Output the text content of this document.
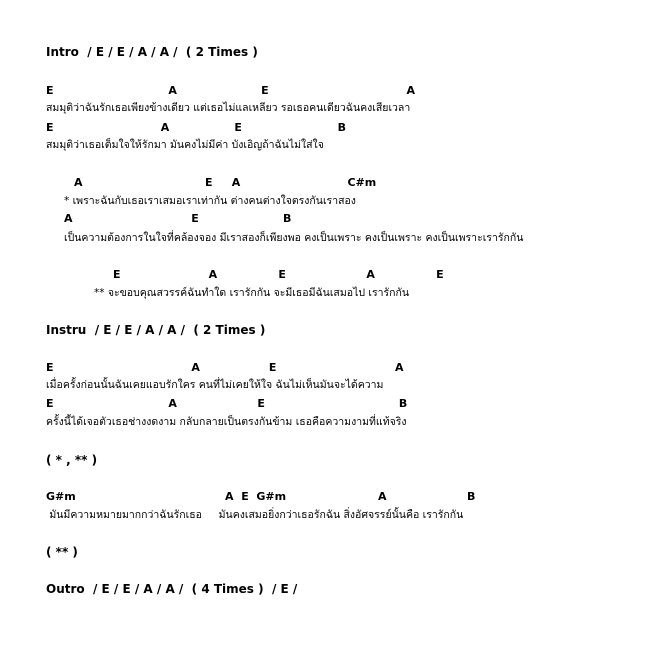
Intro  / E / E / A / A /  ( 2 Times )
E                              A                      E                                    A
สมมุติว่าฉันรักเธอเพียงข้างเดียว แต่เธอไม่แลเหลียว รอเธอคนเดียวฉันคงเสียเวลา
E                            A                 E                         B
สมมุติว่าเธอเต็มใจให้รักมา มันคงไม่มีค่า บังเอิญถ้าฉันไม่ใส่ใจ
A                                E     A                            C#m
* เพราะฉันกับเธอเราเสมอเราเท่ากัน ต่างคนต่างใจตรงกันเราสอง
A                               E                      B
เป็นความต้องการในใจที่คล้องจอง มีเราสองก็เพียงพอ คงเป็นเพราะ คงเป็นเพราะ คงเป็นเพราะเรารักกัน
E                       A                E                     A                E
** จะขอบคุณสวรรค์ฉันทำใด เรารักกัน จะมีเธอมีฉันเสมอไป เรารักกัน
Instru  / E / E / A / A /  ( 2 Times )
E                                    A                  E                               A
เมื่อครั้งก่อนนั้นฉันเคยแอบรักใคร คนที่ไม่เคยให้ใจ ฉันไม่เห็นมันจะได้ความ
E                              A                     E                                   B
ครั้งนี้ได้เจอตัวเธอช่างงดงาม กลับกลายเป็นตรงกันข้าม เธอคือความงามที่แท้จริง
( * , ** )
G#m                                       A  E  G#m                        A                     B
มันมีความหมายมากกว่าฉันรักเธอ     มันคงเสมอยิ่งกว่าเธอรักฉัน สิ่งอัศจรรย์นั้นคือ เรารักกัน
( ** )
Outro  / E / E / A / A /  ( 4 Times )  / E /
